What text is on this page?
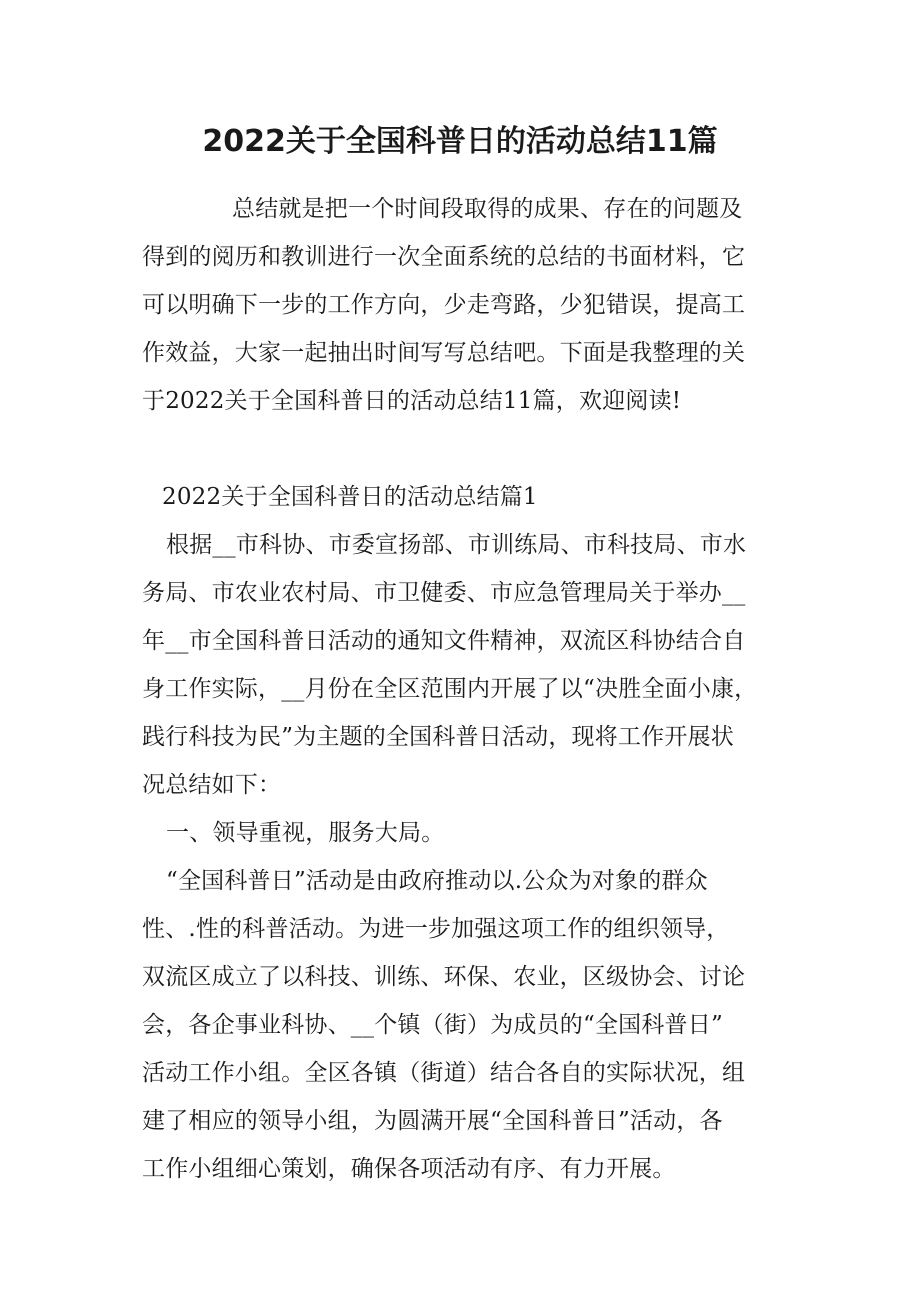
2022关于全国科普日的活动总结11篇
总结就是把一个时间段取得的成果、存在的问题及
得到的阅历和教训进行一次全面系统的总结的书面材料，它
可以明确下一步的工作方向，少走弯路，少犯错误，提高工
作效益，大家一起抽出时间写写总结吧。下面是我整理的关
于2022关于全国科普日的活动总结11篇，欢迎阅读!
2022关于全国科普日的活动总结篇1
根据__市科协、市委宣扬部、市训练局、市科技局、市水
务局、市农业农村局、市卫健委、市应急管理局关于举办__
年__市全国科普日活动的通知文件精神，双流区科协结合自
身工作实际，__月份在全区范围内开展了以“决胜全面小康，
践行科技为民”为主题的全国科普日活动，现将工作开展状
况总结如下：
一、领导重视，服务大局。
“全国科普日”活动是由政府推动以.公众为对象的群众
性、.性的科普活动。为进一步加强这项工作的组织领导，
双流区成立了以科技、训练、环保、农业，区级协会、讨论
会，各企事业科协、__个镇（街）为成员的“全国科普日”
活动工作小组。全区各镇（街道）结合各自的实际状况，组
建了相应的领导小组，为圆满开展“全国科普日”活动，各
工作小组细心策划，确保各项活动有序、有力开展。
